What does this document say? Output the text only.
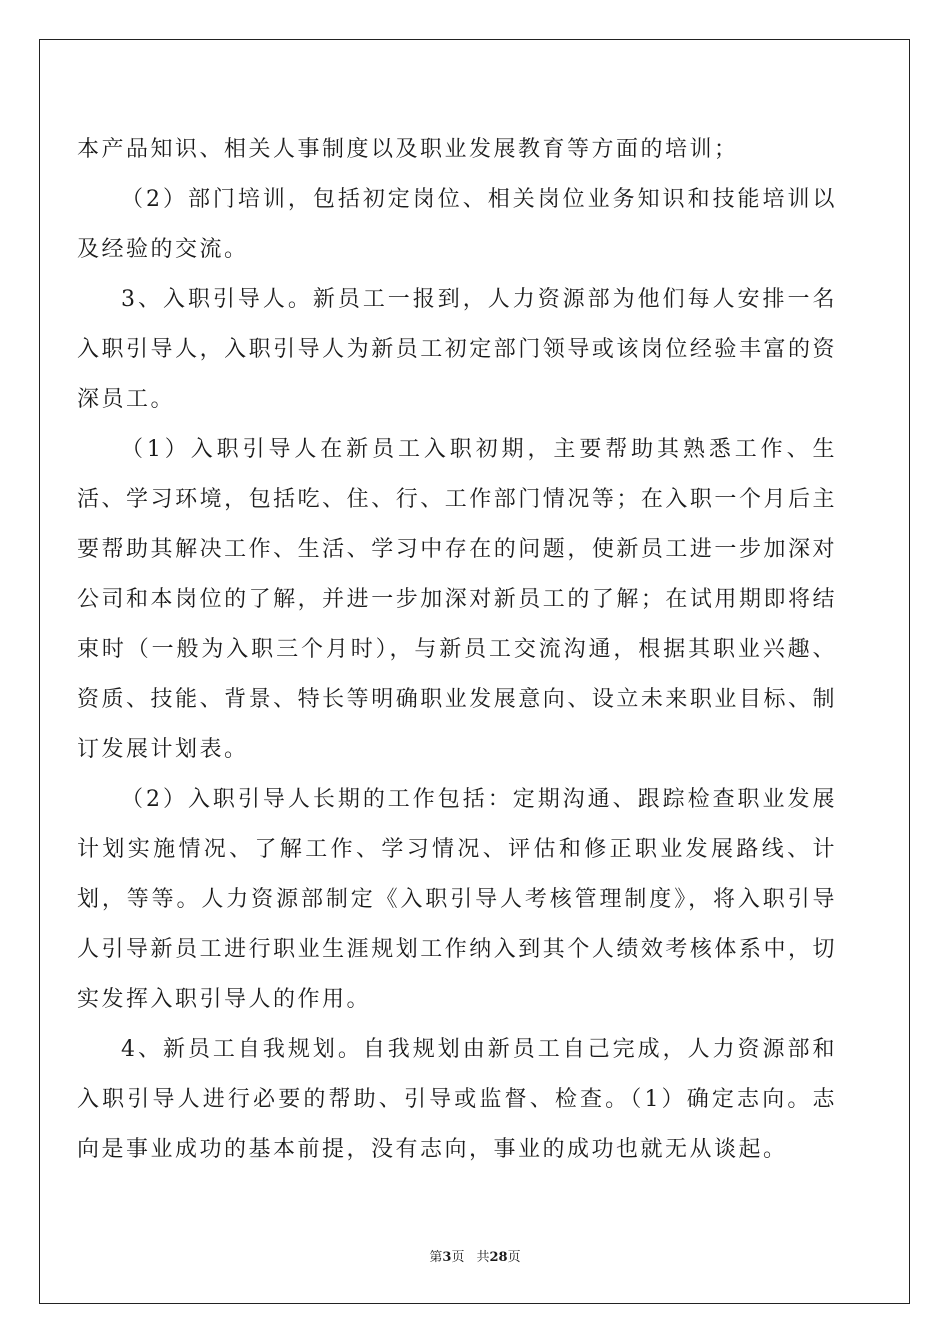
本产品知识、相关人事制度以及职业发展教育等方面的培训；

（2）部门培训，包括初定岗位、相关岗位业务知识和技能培训以及经验的交流。

3、入职引导人。新员工一报到，人力资源部为他们每人安排一名入职引导人，入职引导人为新员工初定部门领导或该岗位经验丰富的资深员工。

（1）入职引导人在新员工入职初期，主要帮助其熟悉工作、生活、学习环境，包括吃、住、行、工作部门情况等；在入职一个月后主要帮助其解决工作、生活、学习中存在的问题，使新员工进一步加深对公司和本岗位的了解，并进一步加深对新员工的了解；在试用期即将结束时（一般为入职三个月时），与新员工交流沟通，根据其职业兴趣、资质、技能、背景、特长等明确职业发展意向、设立未来职业目标、制订发展计划表。

（2）入职引导人长期的工作包括：定期沟通、跟踪检查职业发展计划实施情况、了解工作、学习情况、评估和修正职业发展路线、计划，等等。人力资源部制定《入职引导人考核管理制度》，将入职引导人引导新员工进行职业生涯规划工作纳入到其个人绩效考核体系中，切实发挥入职引导人的作用。

4、新员工自我规划。自我规划由新员工自己完成，人力资源部和入职引导人进行必要的帮助、引导或监督、检查。（1）确定志向。志向是事业成功的基本前提，没有志向，事业的成功也就无从谈起。

第3页 共28页
